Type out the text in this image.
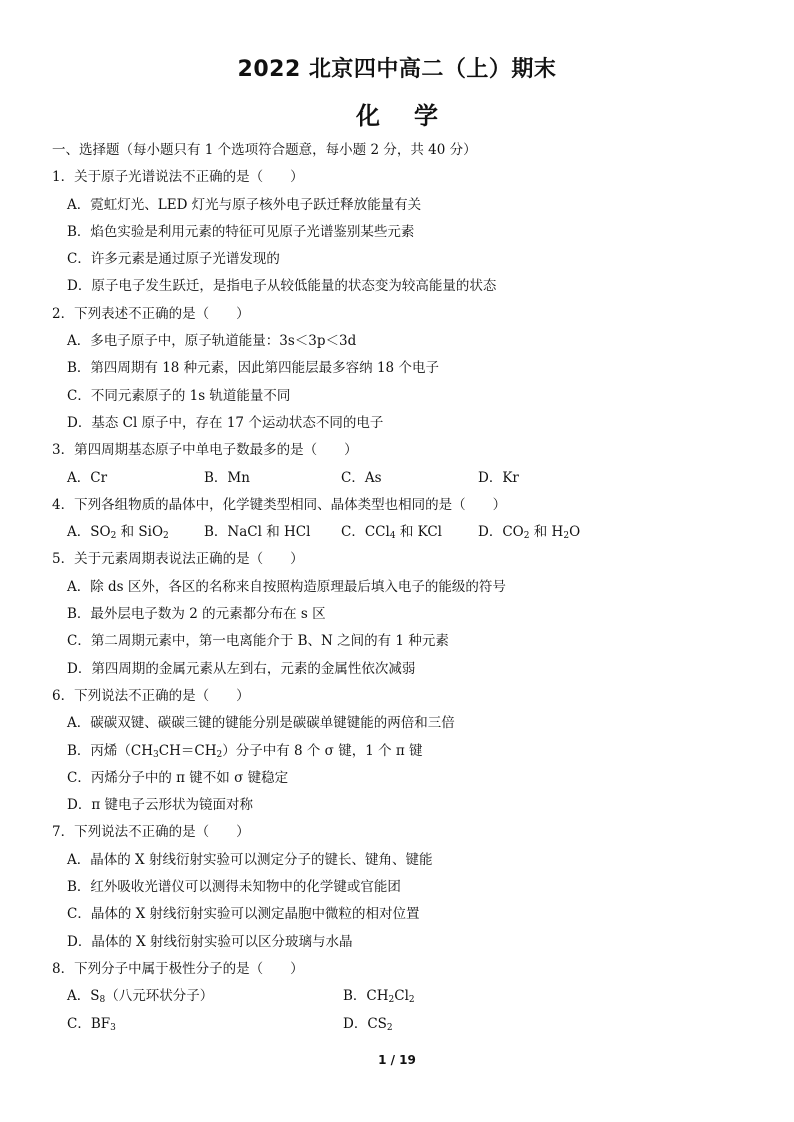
2022 北京四中高二（上）期末
化学
一、选择题（每小题只有 1 个选项符合题意，每小题 2 分，共 40 分）
1．关于原子光谱说法不正确的是（　　）
A．霓虹灯光、LED 灯光与原子核外电子跃迁释放能量有关
B．焰色实验是利用元素的特征可见原子光谱鉴别某些元素
C．许多元素是通过原子光谱发现的
D．原子电子发生跃迁，是指电子从较低能量的状态变为较高能量的状态
2．下列表述不正确的是（　　）
A．多电子原子中，原子轨道能量：3s＜3p＜3d
B．第四周期有 18 种元素，因此第四能层最多容纳 18 个电子
C．不同元素原子的 1s 轨道能量不同
D．基态 Cl 原子中，存在 17 个运动状态不同的电子
3．第四周期基态原子中单电子数最多的是（　　）
A．Cr	B．Mn	C．As	D．Kr
4．下列各组物质的晶体中，化学键类型相同、晶体类型也相同的是（　　）
A．$SO_2$ 和 SiO$_2$	B．NaCl 和 HCl	C．CCl$_4$ 和 KCl	D．$CO_2$ 和 $H_2O$
5．关于元素周期表说法正确的是（　　）
A．除 ds 区外，各区的名称来自按照构造原理最后填入电子的能级的符号
B．最外层电子数为 2 的元素都分布在 s 区
C．第二周期元素中，第一电离能介于 B、N 之间的有 1 种元素
D．第四周期的金属元素从左到右，元素的金属性依次减弱
6．下列说法不正确的是（　　）
A．碳碳双键、碳碳三键的键能分别是碳碳单键键能的两倍和三倍
B．丙烯$(CH_3CH=CH_2)$分子中有 8 个 σ 键，1 个 π 键
C．丙烯分子中的 π 键不如 σ 键稳定
D．π 键电子云形状为镜面对称
7．下列说法不正确的是（　　）
A．晶体的 X 射线衍射实验可以测定分子的键长、键角、键能
B．红外吸收光谱仪可以测得未知物中的化学键或官能团
C．晶体的 X 射线衍射实验可以测定晶胞中微粒的相对位置
D．晶体的 X 射线衍射实验可以区分玻璃与水晶
8．下列分子中属于极性分子的是（　　）
A．$S_8$（八元环状分子）	B．$CH_2Cl_2$
C．$BF_3$	D．$CS_2$
1 / 19
